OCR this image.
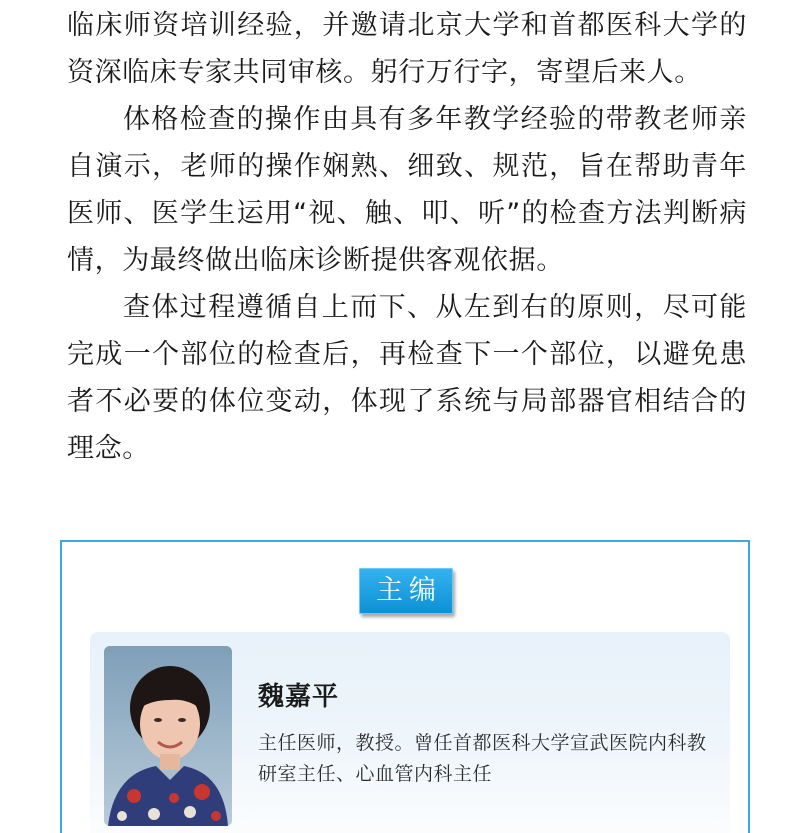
临床师资培训经验，并邀请北京大学和首都医科大学的资深临床专家共同审核。躬行万行字，寄望后来人。

体格检查的操作由具有多年教学经验的带教老师亲自演示，老师的操作娴熟、细致、规范，旨在帮助青年医师、医学生运用“视、触、叩、听”的检查方法判断病情，为最终做出临床诊断提供客观依据。

查体过程遵循自上而下、从左到右的原则，尽可能完成一个部位的检查后，再检查下一个部位，以避免患者不必要的体位变动，体现了系统与局部器官相结合的理念。

主编
魏嘉平
主任医师，教授。曾任首都医科大学宣武医院内科教研室主任、心血管内科主任
